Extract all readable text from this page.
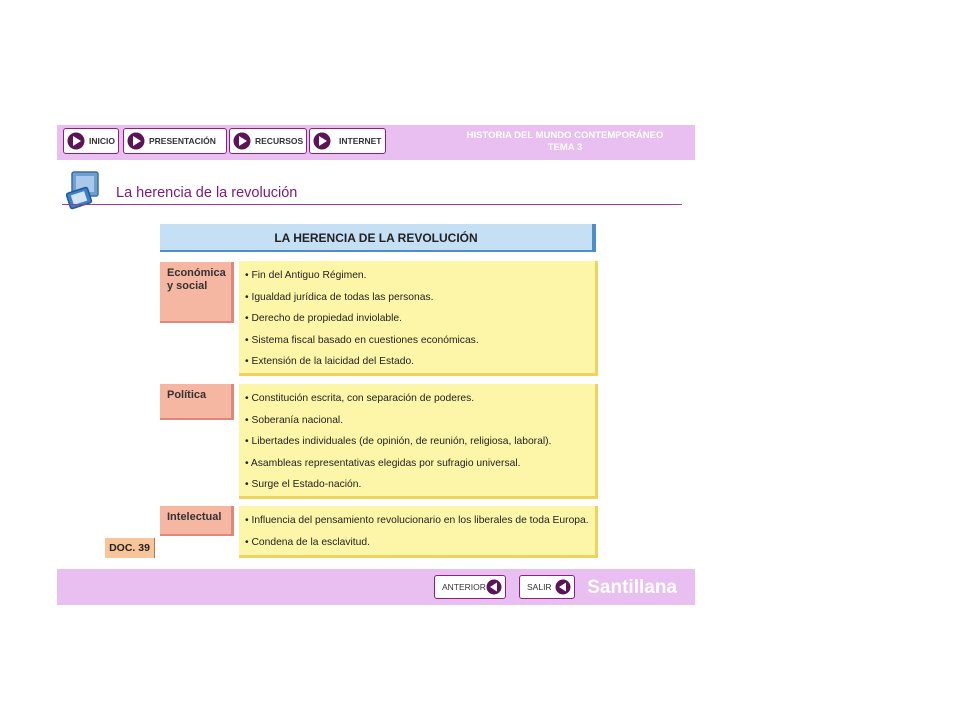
INICIO	PRESENTACIÓN	RECURSOS	INTERNET	HISTORIA DEL MUNDO CONTEMPORÁNEO
TEMA 3
La herencia de la revolución
LA HERENCIA DE LA REVOLUCIÓN
Económica y social
• Fin del Antiguo Régimen.
• Igualdad jurídica de todas las personas.
• Derecho de propiedad inviolable.
• Sistema fiscal basado en cuestiones económicas.
• Extensión de la laicidad del Estado.
Política	• Constitución escrita, con separación de poderes.
• Soberanía nacional.
• Libertades individuales (de opinión, de reunión, religiosa, laboral).
• Asambleas representativas elegidas por sufragio universal.
• Surge el Estado-nación.
Intelectual	• Influencia del pensamiento revolucionario en los liberales de toda Europa.
• Condena de la esclavitud.
DOC. 39
ANTERIOR	SALIR Santillana
